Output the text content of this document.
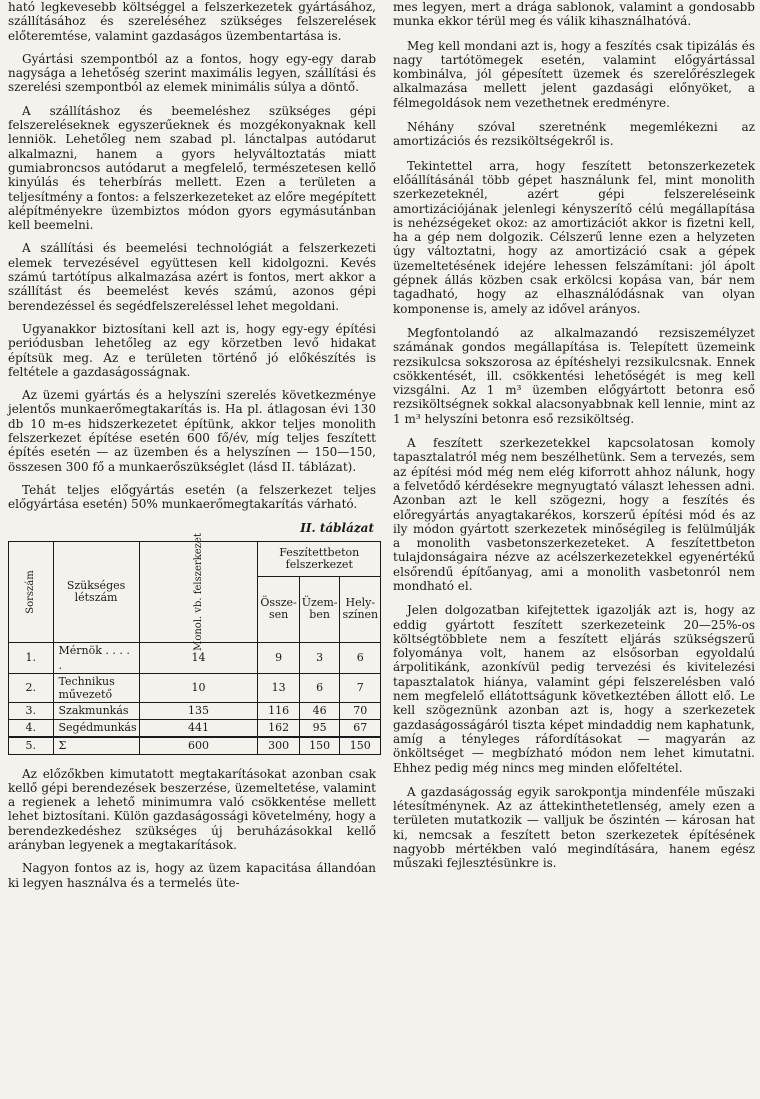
ható legkevesebb költséggel a felszerkezetek gyártásához, szállításához és szereléséhez szükséges felszerelések előteremtése, valamint gazdaságos üzembentartása is.

Gyártási szempontból az a fontos, hogy egy-egy darab nagysága a lehetőség szerint maximális legyen, szállítási és szerelési szempontból az elemek minimális súlya a döntő.

A szállításhoz és beemeléshez szükséges gépi felszereléseknek egyszerűeknek és mozgékonyaknak kell lenniök. Lehetőleg nem szabad pl. lánctalpas autódarut alkalmazni, hanem a gyors helyváltoztatás miatt gumiabroncsos autódarut a megfelelő, természetesen kellő kinyúlás és teherbírás mellett. Ezen a területen a teljesítmény a fontos: a felszerkezeteket az előre megépített alépítményekre üzembiztos módon gyors egymásutánban kell beemelni.

A szállítási és beemelési technológiát a felszerkezeti elemek tervezésével együttesen kell kidolgozni. Kevés számú tartótípus alkalmazása azért is fontos, mert akkor a szállítást és beemelést kevés számú, azonos gépi berendezéssel és segédfelszereléssel lehet megoldani.

Ugyanakkor biztosítani kell azt is, hogy egy-egy építési periódusban lehetőleg az egy körzetben levő hidakat építsük meg. Az e területen történő jó előkészítés is feltétele a gazdaságosságnak.

Az üzemi gyártás és a helyszíni szerelés következménye jelentős munkaerőmegtakarítás is. Ha pl. átlagosan évi 130 db 10 m-es hidszerkezetet építünk, akkor teljes monolith felszerkezet építése esetén 600 fő/év, míg teljes feszített építés esetén — az üzemben és a helyszínen — 150—150, összesen 300 fő a munkaerőszükséglet (lásd II. táblázat).

Tehát teljes előgyártás esetén (a felszerkezet teljes előgyártása esetén) 50% munkaerőmegtakarítás várható.

II. táblázat
Sorszám	Szükséges létszám	Monol. vb. felszerkezet	Feszítettbeton felszerkezet		
			Össze-sen	Üzem-ben	Hely-színen
1.	Mérnök . . . . .	14	9	3	6
2.	Technikus művezető	10	13	6	7
3.	Szakmunkás	135	116	46	70
4.	Segédmunkás	441	162	95	67
5.	Σ	600	300	150	150

Az előzőkben kimutatott megtakarításokat azonban csak kellő gépi berendezések beszerzése, üzemeltetése, valamint a regienek a lehető minimumra való csökkentése mellett lehet biztosítani. Külön gazdaságossági követelmény, hogy a berendezkedéshez szükséges új beruházásokkal kellő arányban legyenek a megtakarítások.

Nagyon fontos az is, hogy az üzem kapacitása állandóan ki legyen használva és a termelés üte-

mes legyen, mert a drága sablonok, valamint a gondosabb munka ekkor térül meg és válik kihasználhatóvá.

Meg kell mondani azt is, hogy a feszítés csak tipizálás és nagy tartótömegek esetén, valamint előgyártással kombinálva, jól gépesített üzemek és szerelőrészlegek alkalmazása mellett jelent gazdasági előnyöket, a félmegoldások nem vezethetnek eredményre.

Néhány szóval szeretnénk megemlékezni az amortizációs és rezsiköltségekről is.

Tekintettel arra, hogy feszített betonszerkezetek előállításánál több gépet használunk fel, mint monolith szerkezeteknél, azért gépi felszereléseink amortizációjának jelenlegi kényszerítő célú megállapítása is nehézségeket okoz: az amortizációt akkor is fizetni kell, ha a gép nem dolgozik. Célszerű lenne ezen a helyzeten úgy változtatni, hogy az amortizáció csak a gépek üzemeltetésének idejére lehessen felszámítani: jól ápolt gépnek állás közben csak erkölcsi kopása van, bár nem tagadható, hogy az elhasználódásnak van olyan komponense is, amely az idővel arányos.

Megfontolandó az alkalmazandó rezsiszemélyzet számának gondos megállapítása is. Telepített üzemeink rezsikulcsa sokszorosa az építéshelyi rezsikulcsnak. Ennek csökkentését, ill. csökkentési lehetőségét is meg kell vizsgálni. Az 1 m³ üzemben előgyártott betonra eső rezsiköltségnek sokkal alacsonyabbnak kell lennie, mint az 1 m³ helyszíni betonra eső rezsiköltség.

A feszített szerkezetekkel kapcsolatosan komoly tapasztalatról még nem beszélhetünk. Sem a tervezés, sem az építési mód még nem elég kiforrott ahhoz nálunk, hogy a felvetődő kérdésekre megnyugtató választ lehessen adni. Azonban azt le kell szögezni, hogy a feszítés és előregyártás anyagtakarékos, korszerű építési mód és az ily módon gyártott szerkezetek minőségileg is felülmúlják a monolith vasbetonszerkezeteket. A feszítettbeton tulajdonságaira nézve az acélszerkezetekkel egyenértékű elsőrendű építőanyag, ami a monolith vasbetonról nem mondható el.

Jelen dolgozatban kifejtettek igazolják azt is, hogy az eddig gyártott feszített szerkezeteink 20—25%-os költségtöbblete nem a feszített eljárás szükségszerű folyománya volt, hanem az elsősorban egyoldalú árpolitikánk, azonkívül pedig tervezési és kivitelezési tapasztalatok hiánya, valamint gépi felszerelésben való nem megfelelő ellátottságunk következtében állott elő. Le kell szögeznünk azonban azt is, hogy a szerkezetek gazdaságosságáról tiszta képet mindaddig nem kaphatunk, amíg a tényleges ráfordításokat — magyarán az önköltséget — megbízható módon nem lehet kimutatni. Ehhez pedig még nincs meg minden előfeltétel.

A gazdaságosság egyik sarokpontja mindenféle műszaki létesítménynek. Az az áttekinthetetlenség, amely ezen a területen mutatkozik — valljuk be őszintén — károsan hat ki, nemcsak a feszített beton szerkezetek építésének nagyobb mértékben való megindítására, hanem egész műszaki fejlesztésünkre is.
